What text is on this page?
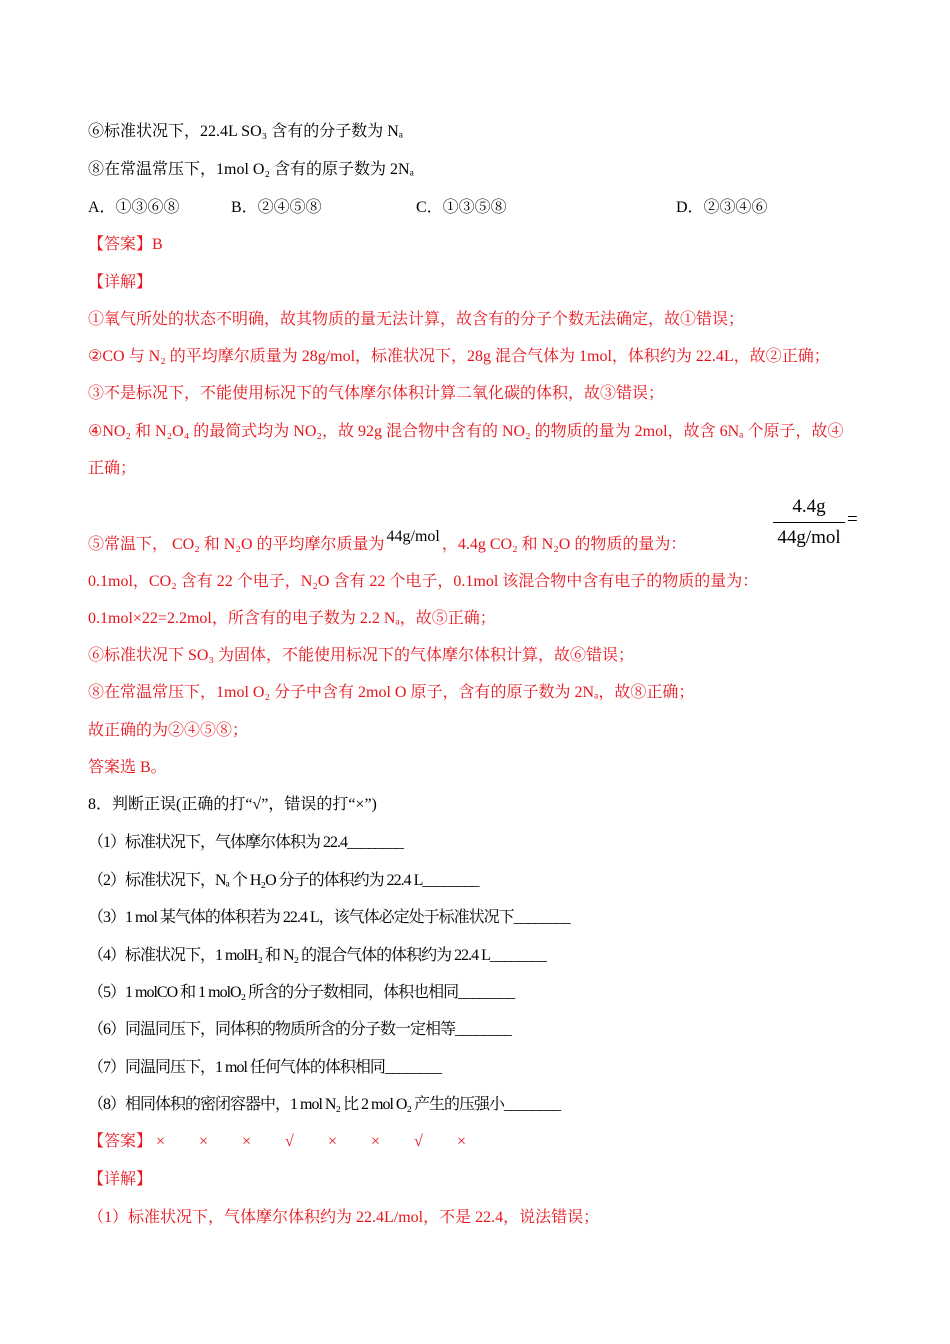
⑥标准状况下，22.4L SO₃ 含有的分子数为 Nₐ
⑧在常温常压下，1mol O₂ 含有的原子数为 2Nₐ
A．①③⑥⑧	B．②④⑤⑧	C．①③⑤⑧	D．②③④⑥
【答案】B
【详解】
①氧气所处的状态不明确，故其物质的量无法计算，故含有的分子个数无法确定，故①错误；
②CO 与 N₂ 的平均摩尔质量为 28g/mol，标准状况下，28g 混合气体为 1mol，体积约为 22.4L，故②正确；
③不是标况下，不能使用标况下的气体摩尔体积计算二氧化碳的体积，故③错误；
④NO₂ 和 N₂O₄ 的最简式均为 NO₂，故 92g 混合物中含有的 NO₂ 的物质的量为 2mol，故含 6Nₐ 个原子，故④
正确；
⑤常温下， CO₂ 和 N₂O 的平均摩尔质量为 44g/mol ，4.4g CO₂ 和 N₂O 的物质的量为：
4.4g
44g/mol
=
0.1mol，CO₂ 含有 22 个电子，N₂O 含有 22 个电子，0.1mol 该混合物中含有电子的物质的量为：
0.1mol×22=2.2mol，所含有的电子数为 2.2 Nₐ，故⑤正确；
⑥标准状况下 SO₃ 为固体，不能使用标况下的气体摩尔体积计算，故⑥错误；
⑧在常温常压下，1mol O₂ 分子中含有 2mol O 原子，含有的原子数为 2Nₐ，故⑧正确；
故正确的为②④⑤⑧；
答案选 B。
8．判断正误(正确的打“√”，错误的打“×”)
（1）标准状况下，气体摩尔体积为 22.4________
（2）标准状况下，Nₐ 个 H₂O 分子的体积约为 22.4 L________
（3）1 mol 某气体的体积若为 22.4 L，该气体必定处于标准状况下________
（4）标准状况下，1 molH₂ 和 N₂ 的混合气体的体积约为 22.4 L________
（5）1 molCO 和 1 molO₂ 所含的分子数相同，体积也相同________
（6）同温同压下，同体积的物质所含的分子数一定相等________
（7）同温同压下，1 mol 任何气体的体积相同________
（8）相同体积的密闭容器中，1 mol N₂ 比 2 mol O₂ 产生的压强小________
【答案】 × × × √ × × √ ×
【详解】
（1）标准状况下，气体摩尔体积约为 22.4L/mol，不是 22.4，说法错误；
